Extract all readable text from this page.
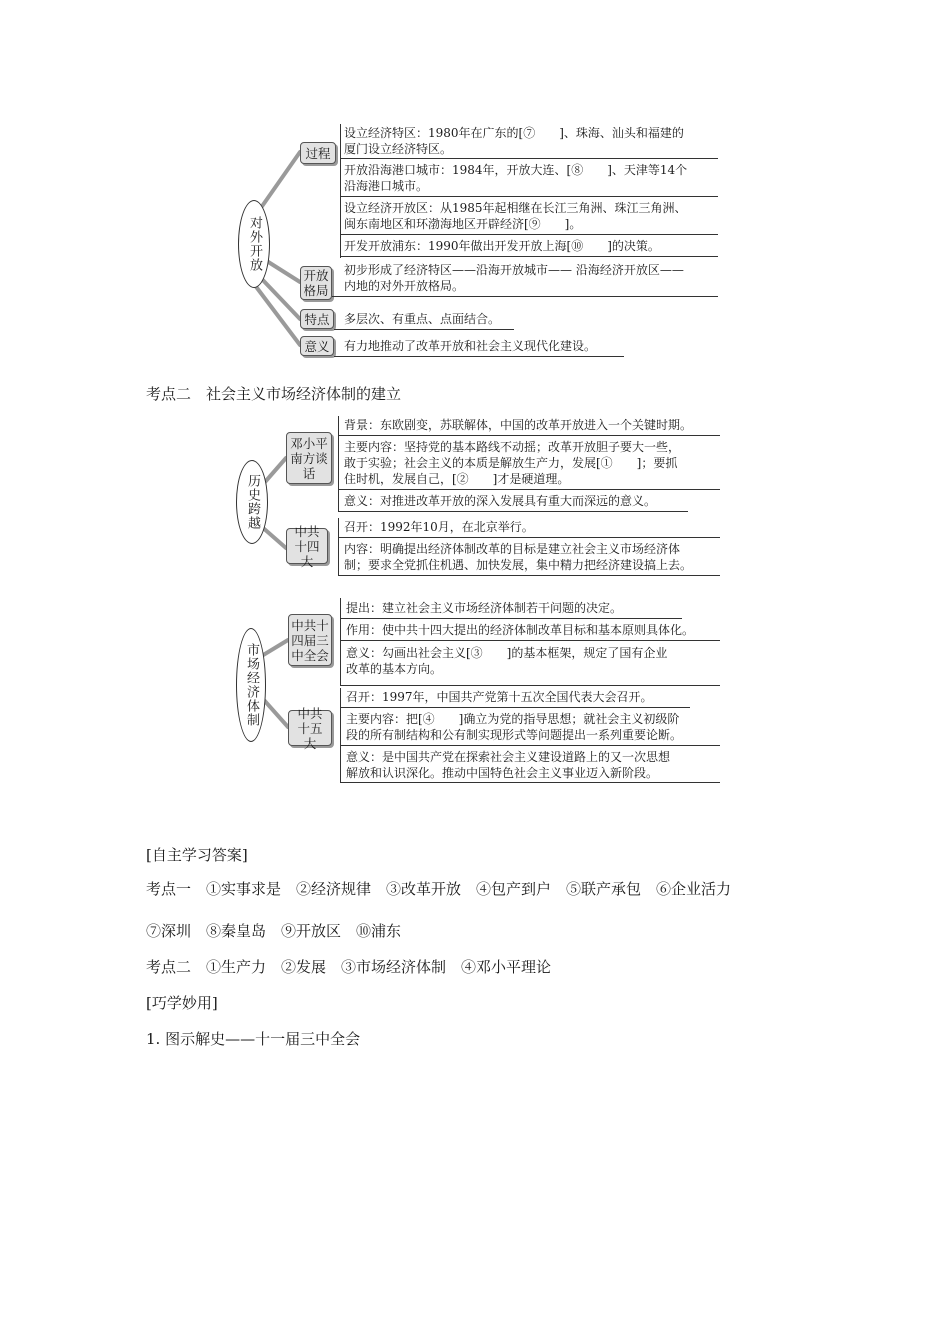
对外开放
过程
开放格局
特点
意义
设立经济特区：1980年在广东的[⑦　　]、珠海、汕头和福建的
厦门设立经济特区。
开放沿海港口城市：1984年，开放大连、[⑧　　]、天津等14个
沿海港口城市。
设立经济开放区：从1985年起相继在长江三角洲、珠江三角洲、
闽东南地区和环渤海地区开辟经济[⑨　　]。
开发开放浦东：1990年做出开发开放上海[⑩　　]的决策。
初步形成了经济特区——沿海开放城市—— 沿海经济开放区——
内地的对外开放格局。
多层次、有重点、点面结合。
有力地推动了改革开放和社会主义现代化建设。
考点二　社会主义市场经济体制的建立
历史跨越
邓小平南方谈话
中共十四大
背景：东欧剧变，苏联解体，中国的改革开放进入一个关键时期。
主要内容：坚持党的基本路线不动摇；改革开放胆子要大一些，
敢于实验；社会主义的本质是解放生产力，发展[①　　]；要抓
住时机，发展自己，[②　　]才是硬道理。
意义：对推进改革开放的深入发展具有重大而深远的意义。
召开：1992年10月，在北京举行。
内容：明确提出经济体制改革的目标是建立社会主义市场经济体
制；要求全党抓住机遇、加快发展，集中精力把经济建设搞上去。
市场经济体制
中共十四届三中全会
中共十五大
提出：建立社会主义市场经济体制若干问题的决定。
作用：使中共十四大提出的经济体制改革目标和基本原则具体化。
意义：勾画出社会主义[③　　]的基本框架，规定了国有企业
改革的基本方向。
召开：1997年，中国共产党第十五次全国代表大会召开。
主要内容：把[④　　]确立为党的指导思想；就社会主义初级阶
段的所有制结构和公有制实现形式等问题提出一系列重要论断。
意义：是中国共产党在探索社会主义建设道路上的又一次思想
解放和认识深化。推动中国特色社会主义事业迈入新阶段。
[自主学习答案]
考点一　①实事求是　②经济规律　③改革开放　④包产到户　⑤联产承包　⑥企业活力
⑦深圳　⑧秦皇岛　⑨开放区　⑩浦东
考点二　①生产力　②发展　③市场经济体制　④邓小平理论
[巧学妙用]
1. 图示解史——十一届三中全会
